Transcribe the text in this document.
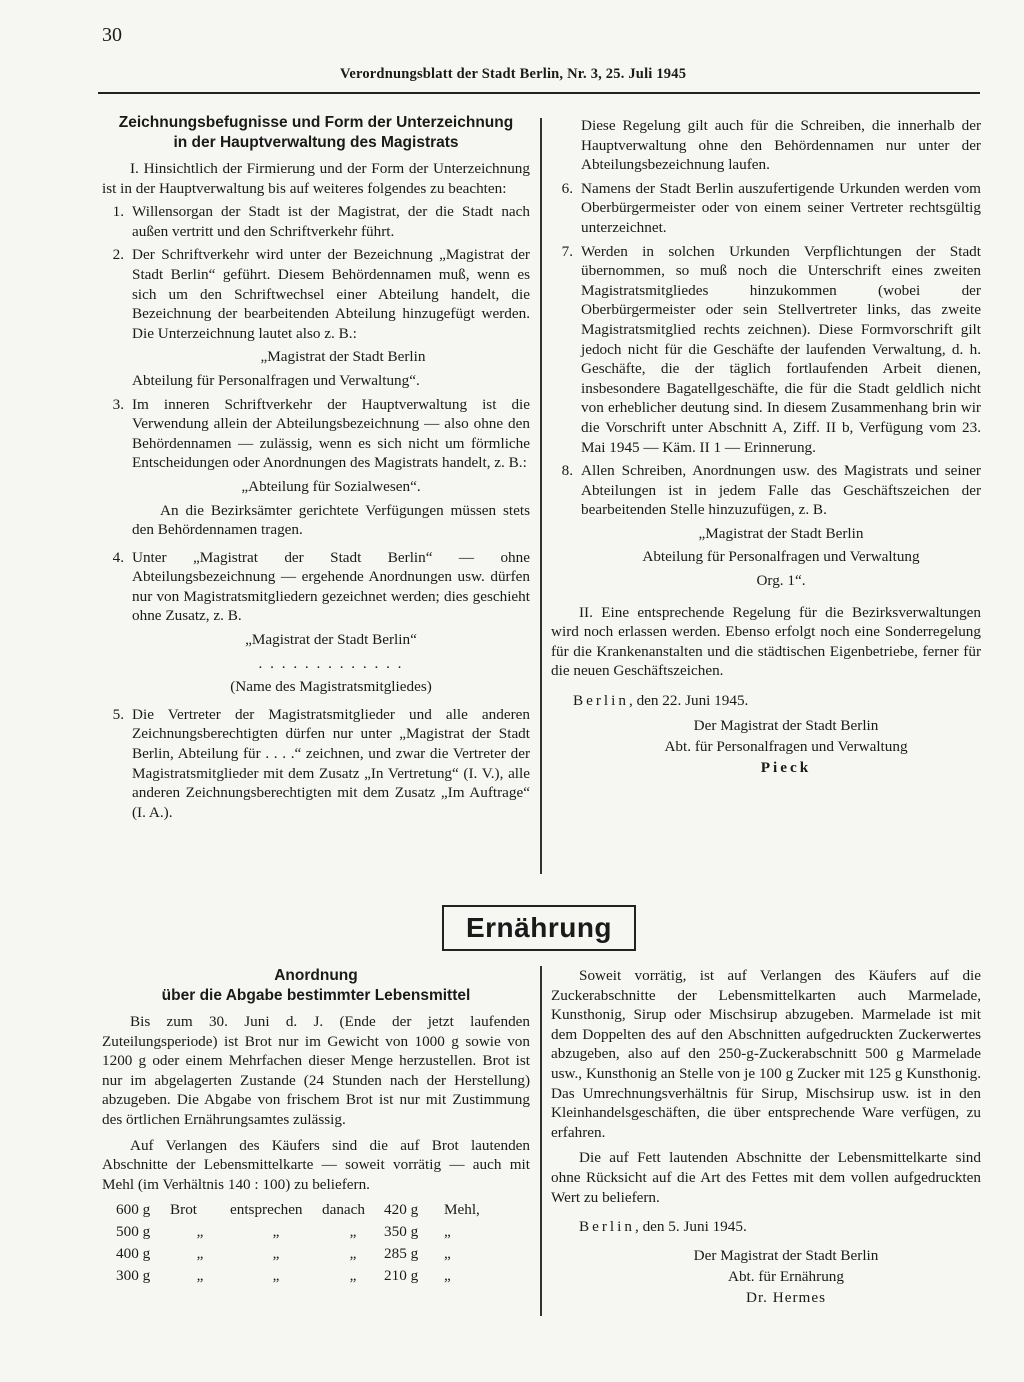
30
Verordnungsblatt der Stadt Berlin, Nr. 3, 25. Juli 1945
Zeichnungsbefugnisse und Form der Unterzeichnung
in der Hauptverwaltung des Magistrats

I. Hinsichtlich der Firmierung und der Form der Unterzeichnung ist in der Hauptverwaltung bis auf weiteres folgendes zu beachten:

1. Willensorgan der Stadt ist der Magistrat, der die Stadt nach außen vertritt und den Schriftverkehr führt.
2. Der Schriftverkehr wird unter der Bezeichnung „Magistrat der Stadt Berlin“ geführt. Diesem Behördennamen muß, wenn es sich um den Schriftwechsel einer Abteilung handelt, die Bezeichnung der bearbeitenden Abteilung hinzugefügt werden. Die Unterzeichnung lautet also z. B.:

„Magistrat der Stadt Berlin
Abteilung für Personalfragen und Verwaltung“.
3. Im inneren Schriftverkehr der Hauptverwaltung ist die Verwendung allein der Abteilungsbezeichnung — also ohne den Behördennamen — zulässig, wenn es sich nicht um förmliche Entscheidungen oder Anordnungen des Magistrats handelt, z. B.:

„Abteilung für Sozialwesen“.

An die Bezirksämter gerichtete Verfügungen müssen stets den Behördennamen tragen.

4. Unter „Magistrat der Stadt Berlin“ — ohne Abteilungsbezeichnung — ergehende Anordnungen usw. dürfen nur von Magistratsmitgliedern gezeichnet werden; dies geschieht ohne Zusatz, z. B.

„Magistrat der Stadt Berlin“
. . . . . . . . . . . . .
(Name des Magistratsmitgliedes)
5. Die Vertreter der Magistratsmitglieder und alle anderen Zeichnungsberechtigten dürfen nur unter „Magistrat der Stadt Berlin, Abteilung für . . . .“ zeichnen, und zwar die Vertreter der Magistratsmitglieder mit dem Zusatz „In Vertretung“ (I. V.), alle anderen Zeichnungsberechtigten mit dem Zusatz „Im Auftrage“ (I. A.).
Diese Regelung gilt auch für die Schreiben, die innerhalb der Hauptverwaltung ohne den Behördennamen nur unter der Abteilungsbezeichnung laufen.
6. Namens der Stadt Berlin auszufertigende Urkunden werden vom Oberbürgermeister oder von einem seiner Vertreter rechtsgültig unterzeichnet.
7. Werden in solchen Urkunden Verpflichtungen der Stadt übernommen, so muß noch die Unterschrift eines zweiten Magistratsmitgliedes hinzukommen (wobei der Oberbürgermeister oder sein Stellvertreter links, das zweite Magistratsmitglied rechts zeichnen). Diese Formvorschrift gilt jedoch nicht für die Geschäfte der laufenden Verwaltung, d. h. Geschäfte, die der täglich fortlaufenden Arbeit dienen, insbesondere Bagatellgeschäfte, die für die Stadt geldlich nicht von erheblicher deutung sind. In diesem Zusammenhang brin wir die Vorschrift unter Abschnitt A, Ziff. II b, Verfügung vom 23. Mai 1945 — Käm. II 1 — Erinnerung.
8. Allen Schreiben, Anordnungen usw. des Magistrats und seiner Abteilungen ist in jedem Falle das Geschäftszeichen der bearbeitenden Stelle hinzuzufügen, z. B.

„Magistrat der Stadt Berlin
Abteilung für Personalfragen und Verwaltung
Org. 1“.

II. Eine entsprechende Regelung für die Bezirksverwaltungen wird noch erlassen werden. Ebenso erfolgt noch eine Sonderregelung für die Krankenanstalten und die städtischen Eigenbetriebe, ferner für die neuen Geschäftszeichen.

Berlin, den 22. Juni 1945.

Der Magistrat der Stadt Berlin
Abt. für Personalfragen und Verwaltung
Pieck
Ernährung
Anordnung
über die Abgabe bestimmter Lebensmittel

Bis zum 30. Juni d. J. (Ende der jetzt laufenden Zuteilungsperiode) ist Brot nur im Gewicht von 1000 g sowie von 1200 g oder einem Mehrfachen dieser Menge herzustellen. Brot ist nur im abgelagerten Zustande (24 Stunden nach der Herstellung) abzugeben. Die Abgabe von frischem Brot ist nur mit Zustimmung des örtlichen Ernährungsamtes zulässig.

Auf Verlangen des Käufers sind die auf Brot lautenden Abschnitte der Lebensmittelkarte — soweit vorrätig — auch mit Mehl (im Verhältnis 140 : 100) zu beliefern.

600 g	Brot	entsprechen	danach	420 g	Mehl,
500 g	„	„	„	350 g	„
400 g	„	„	„	285 g	„
300 g	„	„	„	210 g	„

Soweit vorrätig, ist auf Verlangen des Käufers auf die Zuckerabschnitte der Lebensmittelkarten auch Marmelade, Kunsthonig, Sirup oder Mischsirup abzugeben. Marmelade ist mit dem Doppelten des auf den Abschnitten aufgedruckten Zuckerwertes abzugeben, also auf den 250-g-Zuckerabschnitt 500 g Marmelade usw., Kunsthonig an Stelle von je 100 g Zucker mit 125 g Kunsthonig. Das Umrechnungsverhältnis für Sirup, Mischsirup usw. ist in den Kleinhandelsgeschäften, die über entsprechende Ware verfügen, zu erfahren.

Die auf Fett lautenden Abschnitte der Lebensmittelkarte sind ohne Rücksicht auf die Art des Fettes mit dem vollen aufgedruckten Wert zu beliefern.

Berlin, den 5. Juni 1945.

Der Magistrat der Stadt Berlin
Abt. für Ernährung
Dr. Hermes
